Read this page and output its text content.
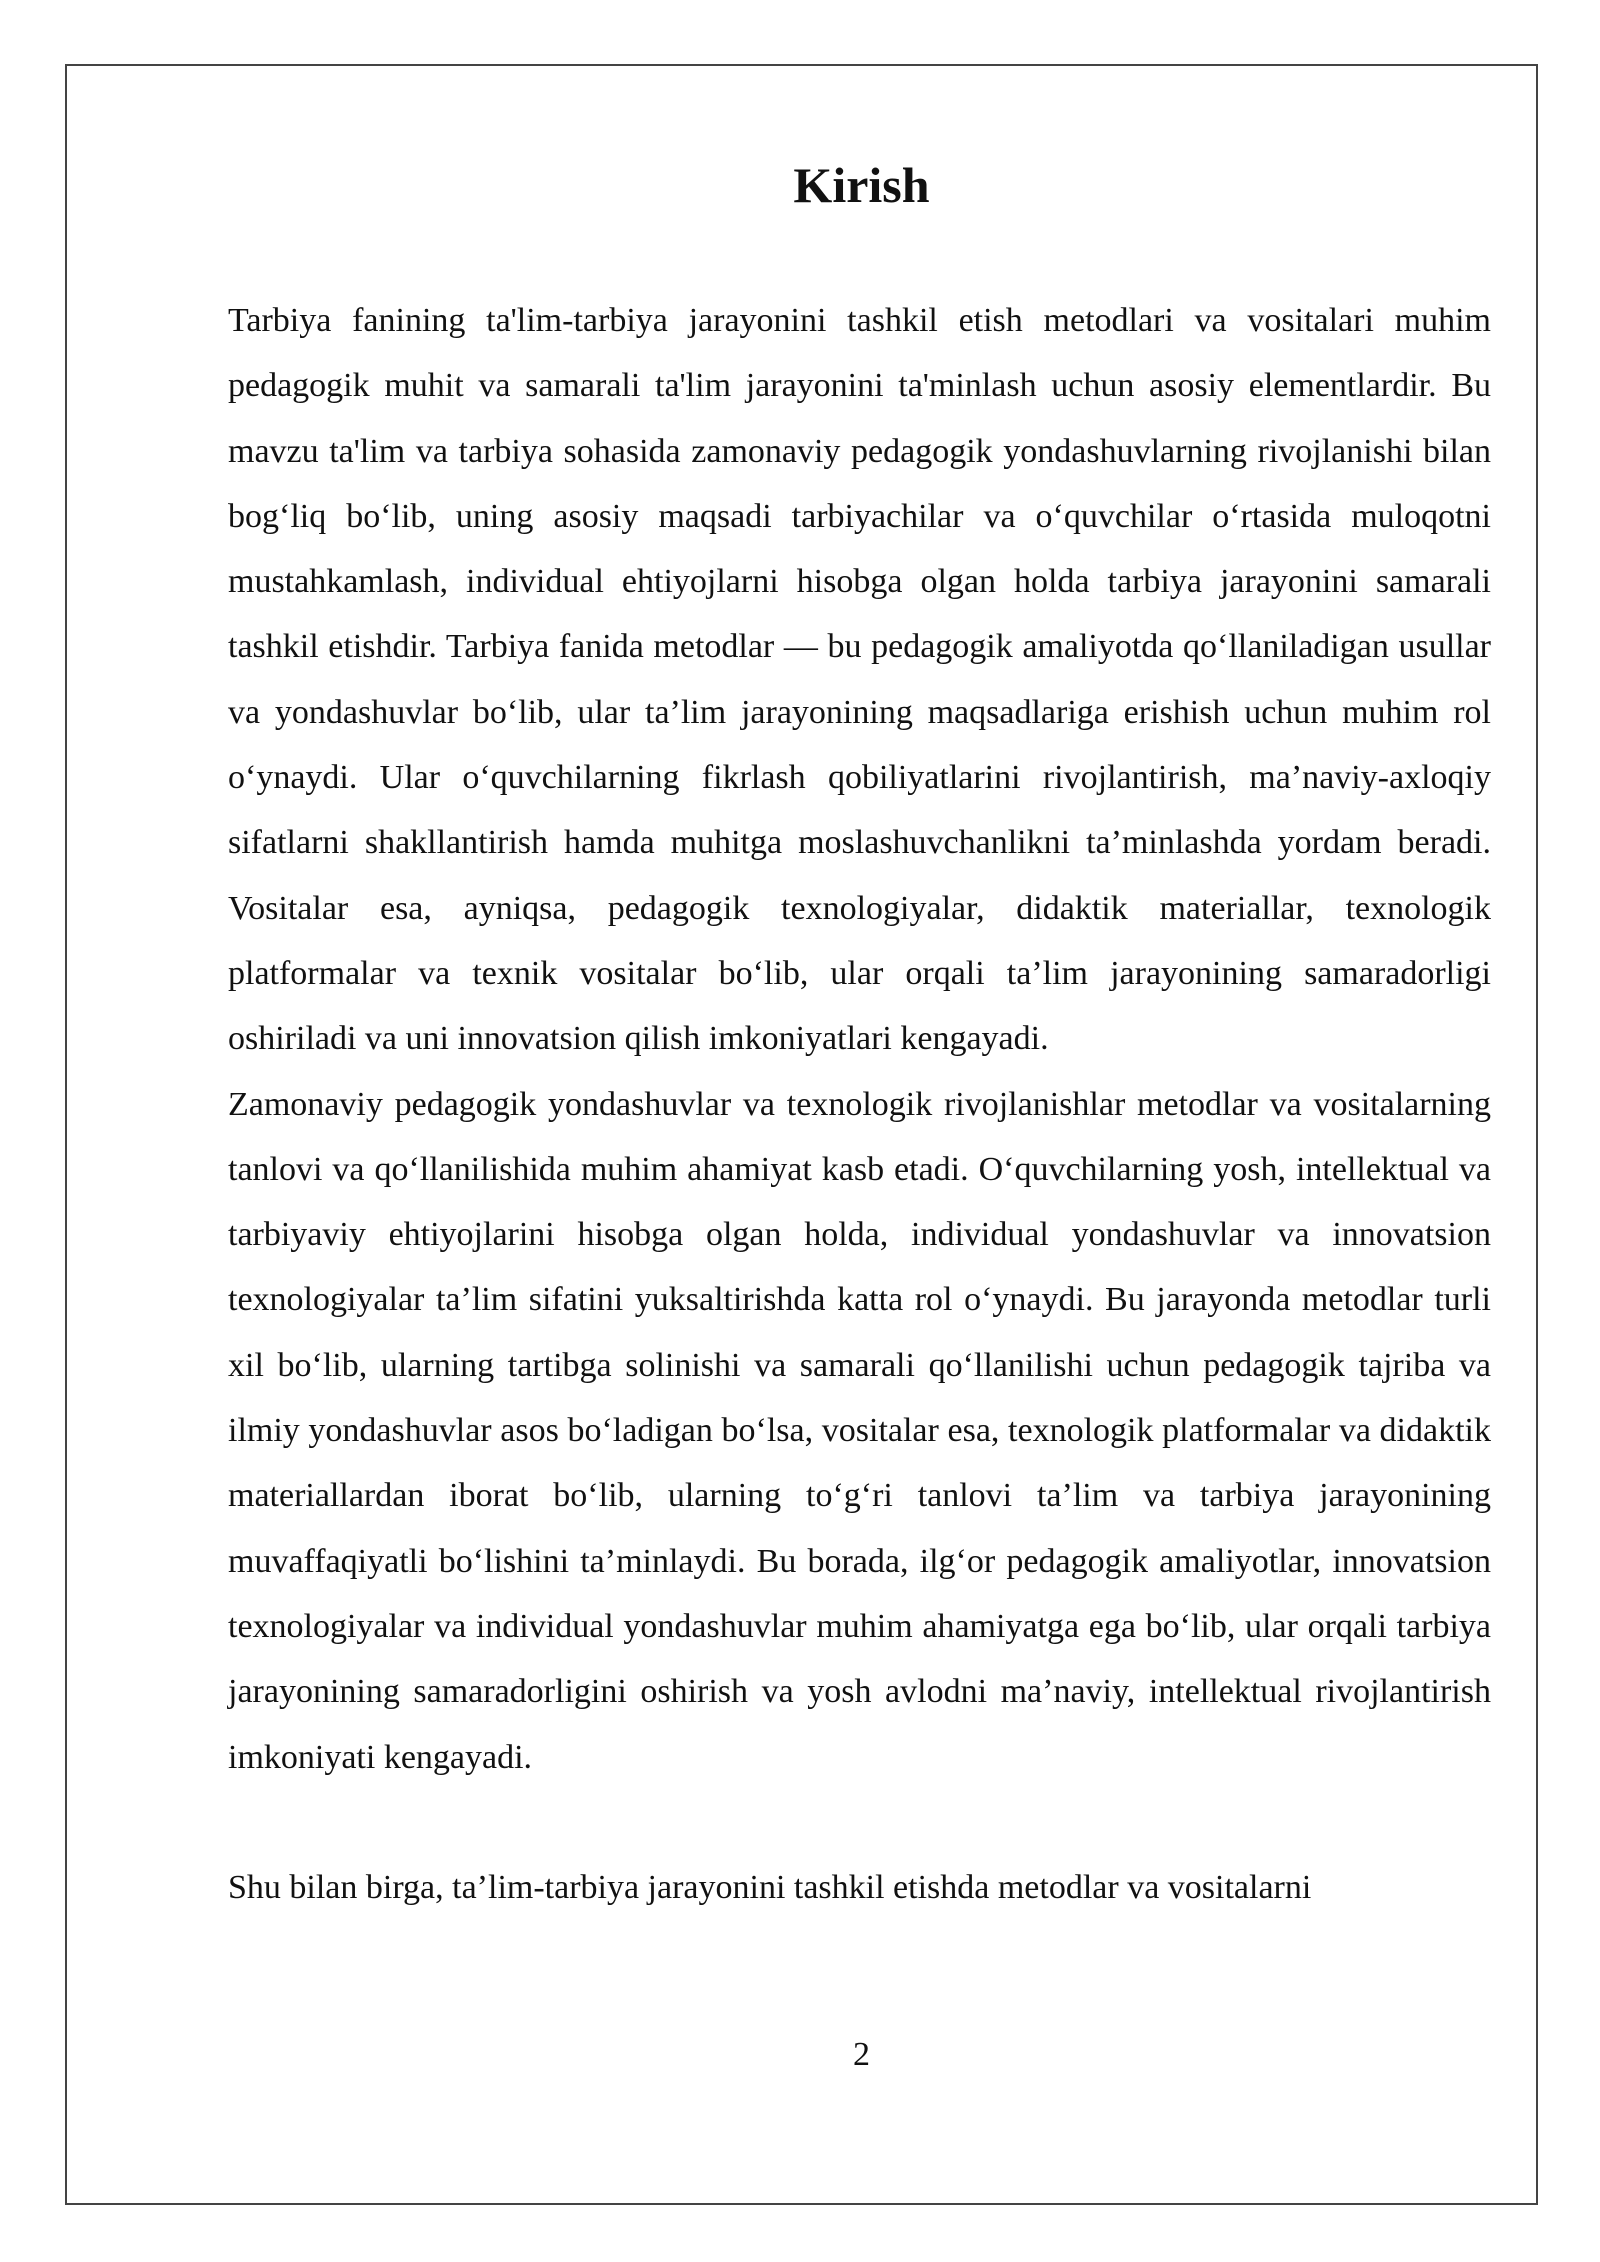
Kirish

Tarbiya fanining ta'lim-tarbiya jarayonini tashkil etish metodlari va vositalari muhim pedagogik muhit va samarali ta'lim jarayonini ta'minlash uchun asosiy elementlardir. Bu mavzu ta'lim va tarbiya sohasida zamonaviy pedagogik yondashuvlarning rivojlanishi bilan bog‘liq bo‘lib, uning asosiy maqsadi tarbiyachilar va o‘quvchilar o‘rtasida muloqotni mustahkamlash, individual ehtiyojlarni hisobga olgan holda tarbiya jarayonini samarali tashkil etishdir. Tarbiya fanida metodlar — bu pedagogik amaliyotda qo‘llaniladigan usullar va yondashuvlar bo‘lib, ular ta’lim jarayonining maqsadlariga erishish uchun muhim rol o‘ynaydi. Ular o‘quvchilarning fikrlash qobiliyatlarini rivojlantirish, ma’naviy-axloqiy sifatlarni shakllantirish hamda muhitga moslashuvchanlikni ta’minlashda yordam beradi. Vositalar esa, ayniqsa, pedagogik texnologiyalar, didaktik materiallar, texnologik platformalar va texnik vositalar bo‘lib, ular orqali ta’lim jarayonining samaradorligi oshiriladi va uni innovatsion qilish imkoniyatlari kengayadi.

Zamonaviy pedagogik yondashuvlar va texnologik rivojlanishlar metodlar va vositalarning tanlovi va qo‘llanilishida muhim ahamiyat kasb etadi. O‘quvchilarning yosh, intellektual va tarbiyaviy ehtiyojlarini hisobga olgan holda, individual yondashuvlar va innovatsion texnologiyalar ta’lim sifatini yuksaltirishda katta rol o‘ynaydi. Bu jarayonda metodlar turli xil bo‘lib, ularning tartibga solinishi va samarali qo‘llanilishi uchun pedagogik tajriba va ilmiy yondashuvlar asos bo‘ladigan bo‘lsa, vositalar esa, texnologik platformalar va didaktik materiallardan iborat bo‘lib, ularning to‘g‘ri tanlovi ta’lim va tarbiya jarayonining muvaffaqiyatli bo‘lishini ta’minlaydi. Bu borada, ilg‘or pedagogik amaliyotlar, innovatsion texnologiyalar va individual yondashuvlar muhim ahamiyatga ega bo‘lib, ular orqali tarbiya jarayonining samaradorligini oshirish va yosh avlodni ma’naviy, intellektual rivojlantirish imkoniyati kengayadi.

Shu bilan birga, ta’lim-tarbiya jarayonini tashkil etishda metodlar va vositalarni

2
